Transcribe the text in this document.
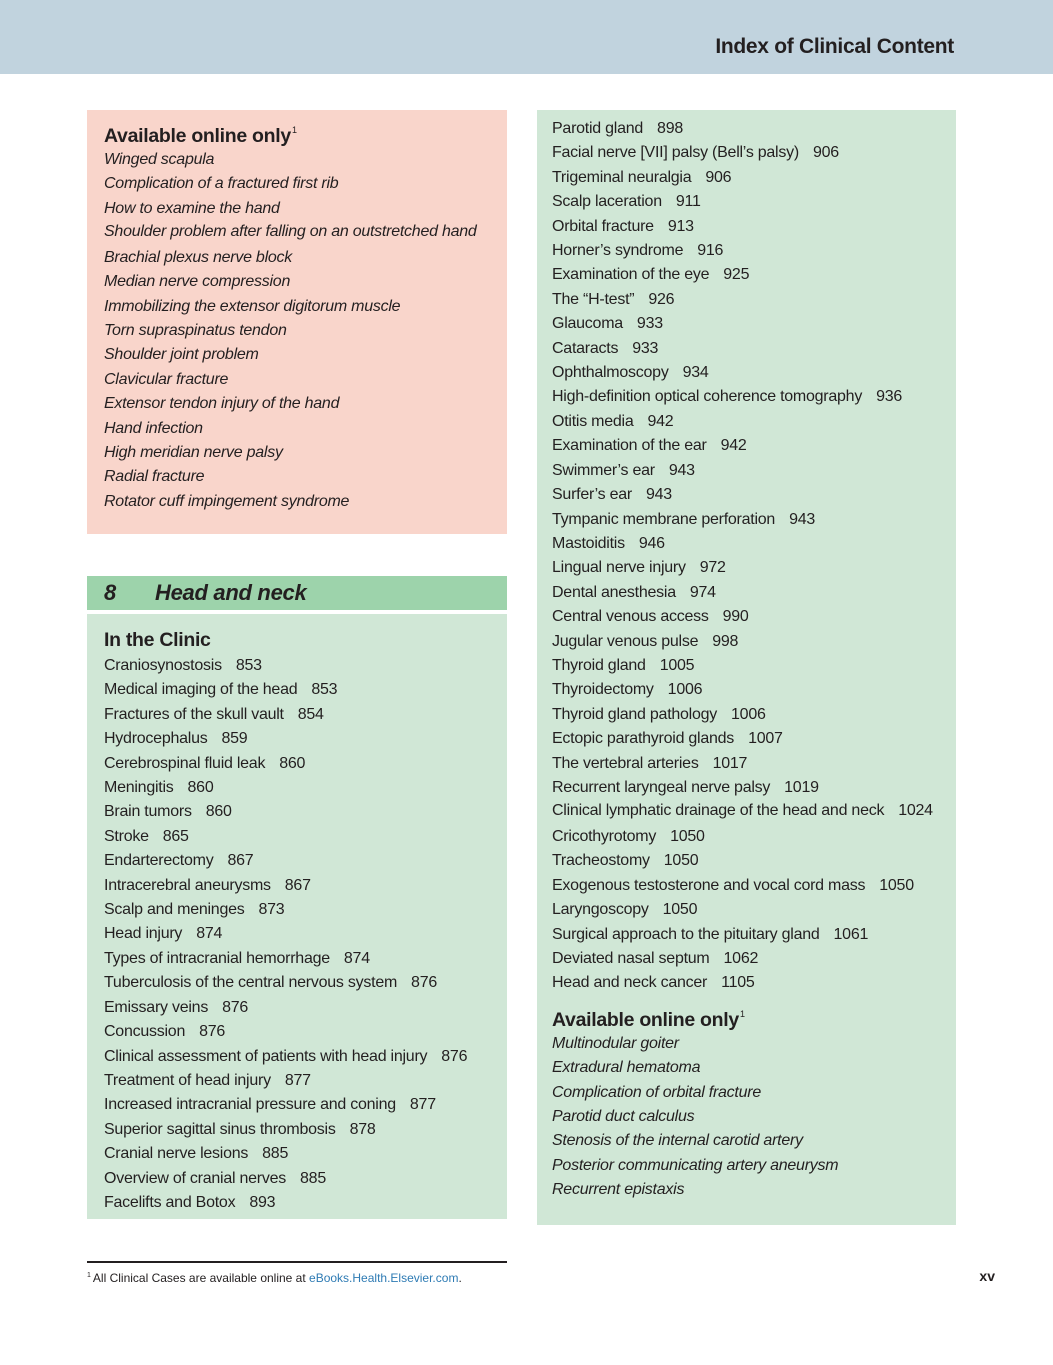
Index of Clinical Content
Available online only$^1$
Winged scapula
Complication of a fractured first rib
How to examine the hand
Shoulder problem after falling on an outstretched hand
Brachial plexus nerve block
Median nerve compression
Immobilizing the extensor digitorum muscle
Torn supraspinatus tendon
Shoulder joint problem
Clavicular fracture
Extensor tendon injury of the hand
Hand infection
High meridian nerve palsy
Radial fracture
Rotator cuff impingement syndrome
8 Head and neck
In the Clinic
Craniosynostosis 853
Medical imaging of the head 853
Fractures of the skull vault 854
Hydrocephalus 859
Cerebrospinal fluid leak 860
Meningitis 860
Brain tumors 860
Stroke 865
Endarterectomy 867
Intracerebral aneurysms 867
Scalp and meninges 873
Head injury 874
Types of intracranial hemorrhage 874
Tuberculosis of the central nervous system 876
Emissary veins 876
Concussion 876
Clinical assessment of patients with head injury 876
Treatment of head injury 877
Increased intracranial pressure and coning 877
Superior sagittal sinus thrombosis 878
Cranial nerve lesions 885
Overview of cranial nerves 885
Facelifts and Botox 893
Parotid gland 898
Facial nerve [VII] palsy (Bell’s palsy) 906
Trigeminal neuralgia 906
Scalp laceration 911
Orbital fracture 913
Horner’s syndrome 916
Examination of the eye 925
The “H-test” 926
Glaucoma 933
Cataracts 933
Ophthalmoscopy 934
High-definition optical coherence tomography 936
Otitis media 942
Examination of the ear 942
Swimmer’s ear 943
Surfer’s ear 943
Tympanic membrane perforation 943
Mastoiditis 946
Lingual nerve injury 972
Dental anesthesia 974
Central venous access 990
Jugular venous pulse 998
Thyroid gland 1005
Thyroidectomy 1006
Thyroid gland pathology 1006
Ectopic parathyroid glands 1007
The vertebral arteries 1017
Recurrent laryngeal nerve palsy 1019
Clinical lymphatic drainage of the head and neck 1024
Cricothyrotomy 1050
Tracheostomy 1050
Exogenous testosterone and vocal cord mass 1050
Laryngoscopy 1050
Surgical approach to the pituitary gland 1061
Deviated nasal septum 1062
Head and neck cancer 1105
Available online only$^1$
Multinodular goiter
Extradural hematoma
Complication of orbital fracture
Parotid duct calculus
Stenosis of the internal carotid artery
Posterior communicating artery aneurysm
Recurrent epistaxis
$^1$ All Clinical Cases are available online at eBooks.Health.Elsevier.com.	xv
